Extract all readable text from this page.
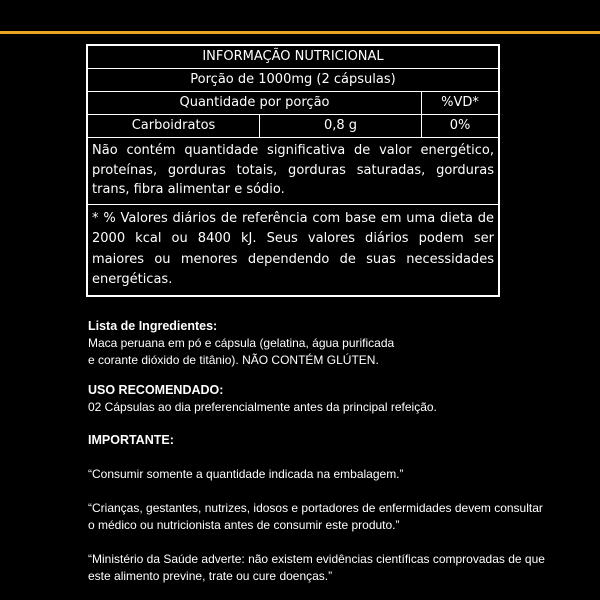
INFORMAÇÃO NUTRICIONAL
Porção de 1000mg (2 cápsulas)
Quantidade por porção	%VD*
Carboidratos	0,8 g	0%
Não contém quantidade significativa de valor energético, proteínas, gorduras totais, gorduras saturadas, gorduras trans, fibra alimentar e sódio.
* % Valores diários de referência com base em uma dieta de 2000 kcal ou 8400 kJ. Seus valores diários podem ser maiores ou menores dependendo de suas necessidades energéticas.

Lista de Ingredientes:

Maca peruana em pó e cápsula (gelatina, água purificada

e corante dióxido de titânio). NÃO CONTÉM GLÚTEN.

USO RECOMENDADO:

02 Cápsulas ao dia preferencialmente antes da principal refeição.

IMPORTANTE:

“Consumir somente a quantidade indicada na embalagem.”

“Crianças, gestantes, nutrizes, idosos e portadores de enfermidades devem consultar

o médico ou nutricionista antes de consumir este produto.”

“Ministério da Saúde adverte: não existem evidências científicas comprovadas de que

este alimento previne, trate ou cure doenças.”
